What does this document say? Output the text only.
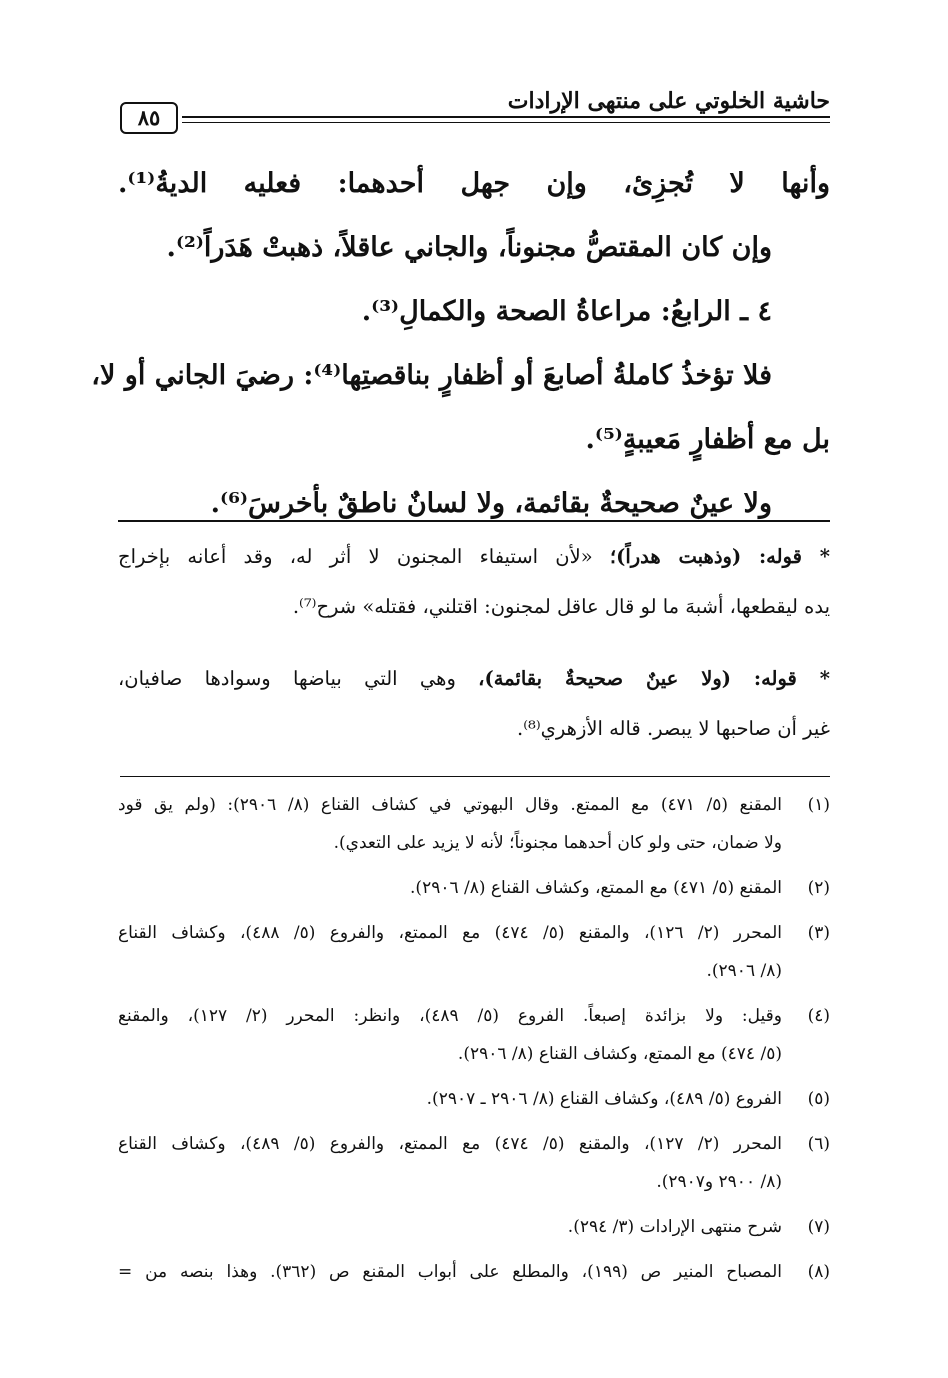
حاشية الخلوتي على منتهى الإرادات
٨٥
وأنها لا تُجزِئ، وإن جهل أحدهما: فعليه الديةُ⁽¹⁾.
وإن كان المقتصُّ مجنوناً، والجاني عاقلاً، ذهبتْ هَدَراً⁽²⁾.
٤ ـ الرابعُ: مراعاةُ الصحة والكمالِ⁽³⁾.
فلا تؤخذُ كاملةُ أصابعَ أو أظفارٍ بناقصتِها⁽⁴⁾: رضيَ الجاني أو لا،
بل مع أظفارٍ مَعيبةٍ⁽⁵⁾.
ولا عينٌ صحيحةٌ بقائمة، ولا لسانٌ ناطقٌ بأخرسَ⁽⁶⁾.
* قوله: (وذهبت هدراً)؛ «لأن استيفاء المجنون لا أثر له، وقد أعانه بإخراج
يده ليقطعها، أشبهَ ما لو قال عاقل لمجنون: اقتلني، فقتله» شرح⁽⁷⁾.
* قوله: (ولا عينٌ صحيحةٌ بقائمة)، وهي التي بياضها وسوادها صافيان،
غير أن صاحبها لا يبصر. قاله الأزهري⁽⁸⁾.
(١)
المقنع (٥/ ٤٧١) مع الممتع. وقال البهوتي في كشاف القناع (٨/ ٢٩٠٦): (ولم يق قود
ولا ضمان، حتى ولو كان أحدهما مجنوناً؛ لأنه لا يزيد على التعدي).
(٢)
المقنع (٥/ ٤٧١) مع الممتع، وكشاف القناع (٨/ ٢٩٠٦).
(٣)
المحرر (٢/ ١٢٦)، والمقنع (٥/ ٤٧٤) مع الممتع، والفروع (٥/ ٤٨٨)، وكشاف القناع
(٨/ ٢٩٠٦).
(٤)
وقيل: ولا بزائدة إصبعاً. الفروع (٥/ ٤٨٩)، وانظر: المحرر (٢/ ١٢٧)، والمقنع
(٥/ ٤٧٤) مع الممتع، وكشاف القناع (٨/ ٢٩٠٦).
(٥)
الفروع (٥/ ٤٨٩)، وكشاف القناع (٨/ ٢٩٠٦ ـ ٢٩٠٧).
(٦)
المحرر (٢/ ١٢٧)، والمقنع (٥/ ٤٧٤) مع الممتع، والفروع (٥/ ٤٨٩)، وكشاف القناع
(٨/ ٢٩٠٠ و٢٩٠٧).
(٧)
شرح منتهى الإرادات (٣/ ٢٩٤).
(٨)
المصباح المنير ص (١٩٩)، والمطلع على أبواب المقنع ص (٣٦٢). وهذا بنصه من =
